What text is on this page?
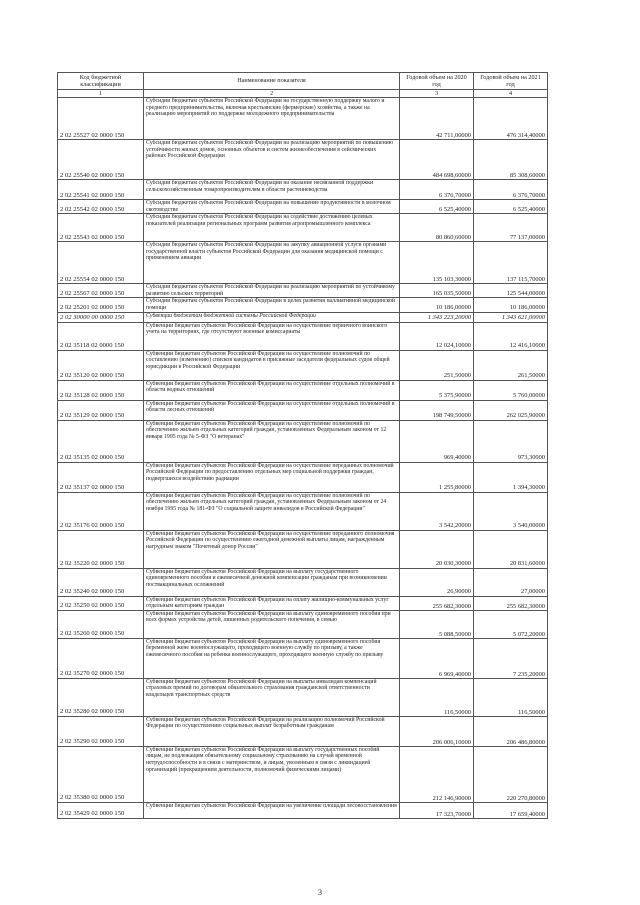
Код бюджетной классификации	Наименование показателя	Годовой объем на 2020 год	Годовой объем на 2021 год
1	2	3	4
2 02 25527 02 0000 150	Субсидии бюджетам субъектов Российской Федерации на государственную поддержку малого и среднего предпринимательства, включая крестьянские (фермерские) хозяйства, а также на реализацию мероприятий по поддержке молодежного предпринимательства	42 711,00000	476 314,40000
2 02 25540 02 0000 150	Субсидии бюджетам субъектов Российской Федерации на реализацию мероприятий по повышению устойчивости жилых домов, основных объектов и систем жизнеобеспечения в сейсмических районах Российской Федерации	484 698,60000	85 308,60000
2 02 25541 02 0000 150	Субсидии бюджетам субъектов Российской Федерации на оказание несвязанной поддержки сельскохозяйственным товаропроизводителям в области растениеводства	6 376,70000	6 376,70000
2 02 25542 02 0000 150	Субсидии бюджетам субъектов Российской Федерации на повышение продуктивности в молочном скотоводстве	6 525,40000	6 525,40000
2 02 25543 02 0000 150	Субсидии бюджетам субъектов Российской Федерации на содействие достижению целевых показателей реализации региональных программ развития агропромышленного комплекса	80 860,60000	77 137,00000
2 02 25554 02 0000 150	Субсидии бюджетам субъектов Российской Федерации на закупку авиационной услуги органами государственной власти субъектов Российской Федерации для оказания медицинской помощи с применением авиации	135 103,30000	137 115,70000
2 02 25567 02 0000 150	Субсидии бюджетам субъектов Российской Федерации на реализацию мероприятий по устойчивому развитию сельских территорий	165 035,50000	125 544,00000
2 02 25201 02 0000 150	Субсидии бюджетам субъектов Российской Федерации в целях развития паллиативной медицинской помощи	10 186,00000	10 186,00000
2 02 30000 00 0000 150	Субвенции бюджетам бюджетной системы Российской Федерации	1 343 223,20000	1 343 621,00000
2 02 35118 02 0000 150	Субвенции бюджетам субъектов Российской Федерации на осуществление первичного воинского учета на территориях, где отсутствуют военные комиссариаты	12 024,10000	12 416,10000
2 02 35120 02 0000 150	Субвенции бюджетам субъектов Российской Федерации на осуществление полномочий по составлению (изменению) списков кандидатов в присяжные заседатели федеральных судов общей юрисдикции в Российской Федерации	251,50000	261,50000
2 02 35128 02 0000 150	Субвенции бюджетам субъектов Российской Федерации на осуществление отдельных полномочий в области водных отношений	5 375,90000	5 760,00000
2 02 35129 02 0000 150	Субвенции бюджетам субъектов Российской Федерации на осуществление отдельных полномочий в области лесных отношений	198 749,50000	262 025,90000
2 02 35135 02 0000 150	Субвенции бюджетам субъектов Российской Федерации на осуществление полномочий по обеспечению жильем отдельных категорий граждан, установленных Федеральным законом от 12 января 1995 года № 5-ФЗ "О ветеранах"	969,40000	973,30000
2 02 35137 02 0000 150	Субвенции бюджетам субъектов Российской Федерации на осуществление переданных полномочий Российской Федерации по предоставлению отдельных мер социальной поддержки граждан, подвергшихся воздействию радиации	1 255,80000	1 394,30000
2 02 35176 02 0000 150	Субвенции бюджетам субъектов Российской Федерации на осуществление полномочий по обеспечению жильем отдельных категорий граждан, установленных Федеральным законом от 24 ноября 1995 года № 181-ФЗ "О социальной защите инвалидов в Российской Федерации"	3 542,20000	3 540,00000
2 02 35220 02 0000 150	Субвенции бюджетам субъектов Российской Федерации на осуществление переданного полномочия Российской Федерации по осуществлению ежегодной денежной выплаты лицам, награжденным нагрудным знаком "Почетный донор России"	20 030,30000	20 831,60000
2 02 35240 02 0000 150	Субвенции бюджетам субъектов Российской Федерации на выплату государственного единовременного пособия и ежемесячной денежной компенсации гражданам при возникновении поствакцинальных осложнений	26,90000	27,00000
2 02 35250 02 0000 150	Субвенции бюджетам субъектов Российской Федерации на оплату жилищно-коммунальных услуг отдельным категориям граждан	255 682,30000	255 682,30000
2 02 35260 02 0000 150	Субвенции бюджетам субъектов Российской Федерации на выплату единовременного пособия при всех формах устройства детей, лишенных родительского попечения, в семью	5 088,50000	5 072,20000
2 02 35270 02 0000 150	Субвенции бюджетам субъектов Российской Федерации на выплату единовременного пособия беременной жене военнослужащего, проходящего военную службу по призыву, а также ежемесячного пособия на ребенка военнослужащего, проходящего военную службу по призыву	6 969,40000	7 235,20000
2 02 35280 02 0000 150	Субвенции бюджетам субъектов Российской Федерации на выплаты инвалидам компенсаций страховых премий по договорам обязательного страхования гражданской ответственности владельцев транспортных средств	116,50000	116,50000
2 02 35290 02 0000 150	Субвенции бюджетам субъектов Российской Федерации на реализацию полномочий Российской Федерации по осуществлению социальных выплат безработным гражданам	206 006,10000	206 486,80000
2 02 35380 02 0000 150	Субвенции бюджетам субъектов Российской Федерации на выплату государственных пособий лицам, не подлежащим обязательному социальному страхованию на случай временной нетрудоспособности и в связи с материнством, и лицам, уволенным в связи с ликвидацией организаций (прекращением деятельности, полномочий физическими лицами)	212 146,90000	220 270,80000
2 02 35429 02 0000 150	Субвенции бюджетам субъектов Российской Федерации на увеличение площади лесовосстановления	17 323,70000	17 659,40000
3
